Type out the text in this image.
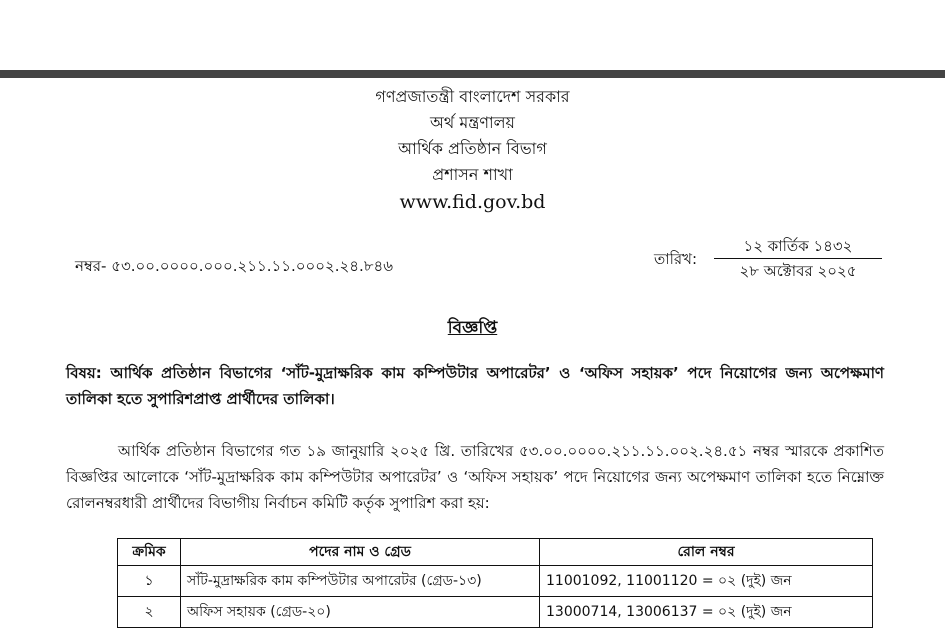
গণপ্রজাতন্ত্রী বাংলাদেশ সরকার
অর্থ মন্ত্রণালয়
আর্থিক প্রতিষ্ঠান বিভাগ
প্রশাসন শাখা
www.fid.gov.bd
নম্বর- ৫৩.০০.০০০০.০০০.২১১.১১.০০০২.২৪.৮৪৬	তারিখ:
১২ কার্তিক ১৪৩২
২৮ অক্টোবর ২০২৫
বিজ্ঞপ্তি
বিষয়: আর্থিক প্রতিষ্ঠান বিভাগের ‘সাঁট-মুদ্রাক্ষরিক কাম কম্পিউটার অপারেটর’ ও ‘অফিস সহায়ক’ পদে নিয়োগের জন্য অপেক্ষমাণ তালিকা হতে সুপারিশপ্রাপ্ত প্রার্থীদের তালিকা।
আর্থিক প্রতিষ্ঠান বিভাগের গত ১৯ জানুয়ারি ২০২৫ খ্রি. তারিখের ৫৩.০০.০০০০.২১১.১১.০০২.২৪.৫১ নম্বর স্মারকে প্রকাশিত বিজ্ঞপ্তির আলোকে ‘সাঁট-মুদ্রাক্ষরিক কাম কম্পিউটার অপারেটর’ ও ‘অফিস সহায়ক’ পদে নিয়োগের জন্য অপেক্ষমাণ তালিকা হতে নিম্নোক্ত রোলনম্বরধারী প্রার্থীদের বিভাগীয় নির্বাচন কমিটি কর্তৃক সুপারিশ করা হয়:
ক্রমিক	পদের নাম ও গ্রেড	রোল নম্বর
১	সাঁট-মুদ্রাক্ষরিক কাম কম্পিউটার অপারেটর (গ্রেড-১৩)	11001092, 11001120 = ০২ (দুই) জন
২	অফিস সহায়ক (গ্রেড-২০)	13000714, 13006137 = ০২ (দুই) জন
